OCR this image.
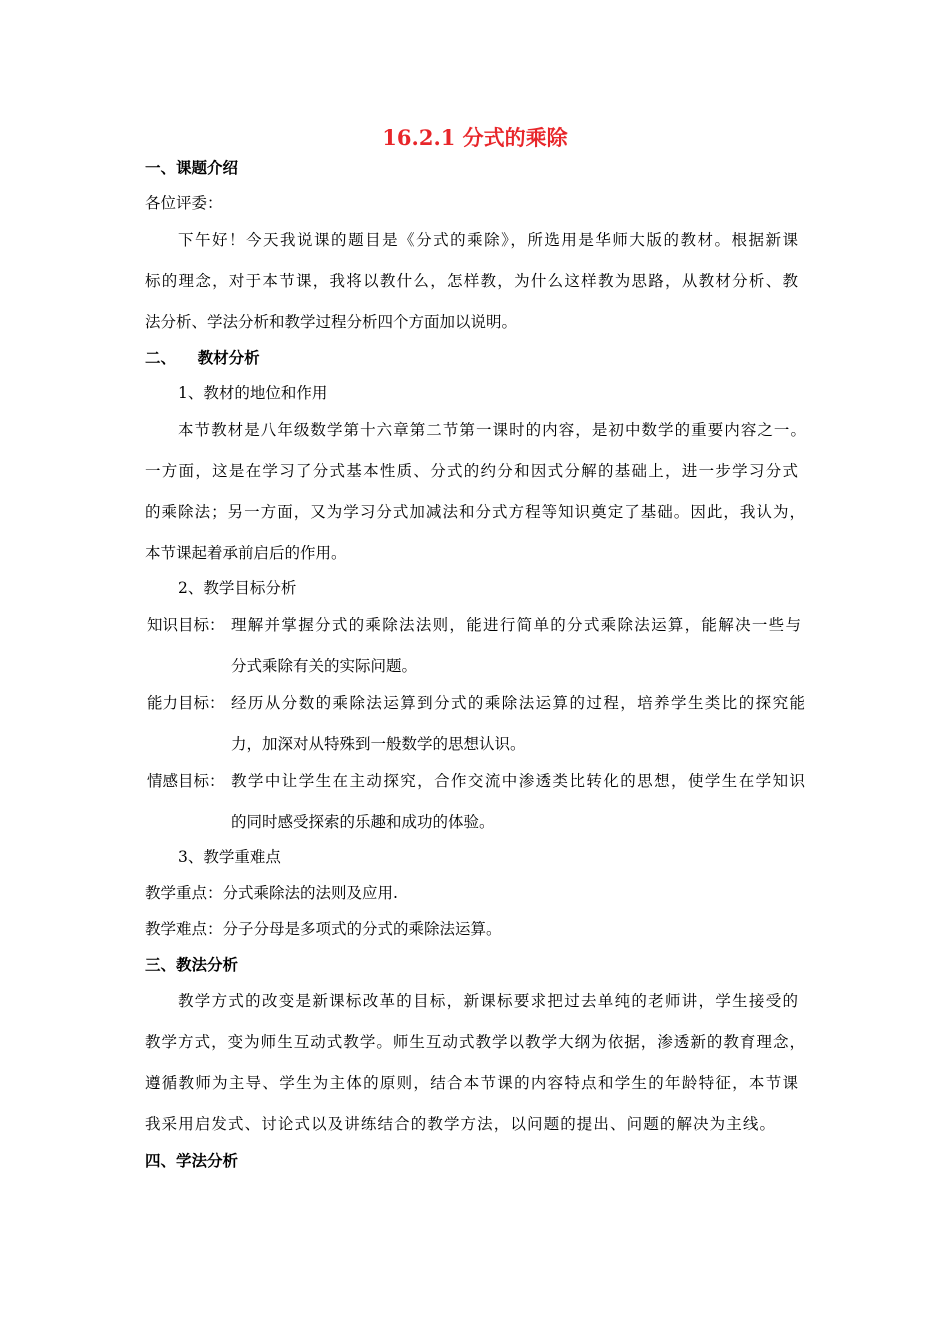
16.2.1 分式的乘除
一、课题介绍
各位评委：
下午好！今天我说课的题目是《分式的乘除》，所选用是华师大版的教材。根据新课
标的理念，对于本节课，我将以教什么，怎样教，为什么这样教为思路，从教材分析、教
法分析、学法分析和教学过程分析四个方面加以说明。
二、    教材分析
1、教材的地位和作用
本节教材是八年级数学第十六章第二节第一课时的内容，是初中数学的重要内容之一。
一方面，这是在学习了分式基本性质、分式的约分和因式分解的基础上，进一步学习分式
的乘除法；另一方面，又为学习分式加减法和分式方程等知识奠定了基础。因此，我认为，
本节课起着承前启后的作用。
2、教学目标分析
知识目标： 理解并掌握分式的乘除法法则，能进行简单的分式乘除法运算，能解决一些与
分式乘除有关的实际问题。
能力目标： 经历从分数的乘除法运算到分式的乘除法运算的过程，培养学生类比的探究能
力，加深对从特殊到一般数学的思想认识。
情感目标： 教学中让学生在主动探究，合作交流中渗透类比转化的思想，使学生在学知识
的同时感受探索的乐趣和成功的体验。
3、教学重难点
教学重点：分式乘除法的法则及应用.
教学难点：分子分母是多项式的分式的乘除法运算。
三、教法分析
教学方式的改变是新课标改革的目标，新课标要求把过去单纯的老师讲，学生接受的
教学方式，变为师生互动式教学。师生互动式教学以教学大纲为依据，渗透新的教育理念，
遵循教师为主导、学生为主体的原则，结合本节课的内容特点和学生的年龄特征，本节课
我采用启发式、讨论式以及讲练结合的教学方法，以问题的提出、问题的解决为主线。
四、学法分析
